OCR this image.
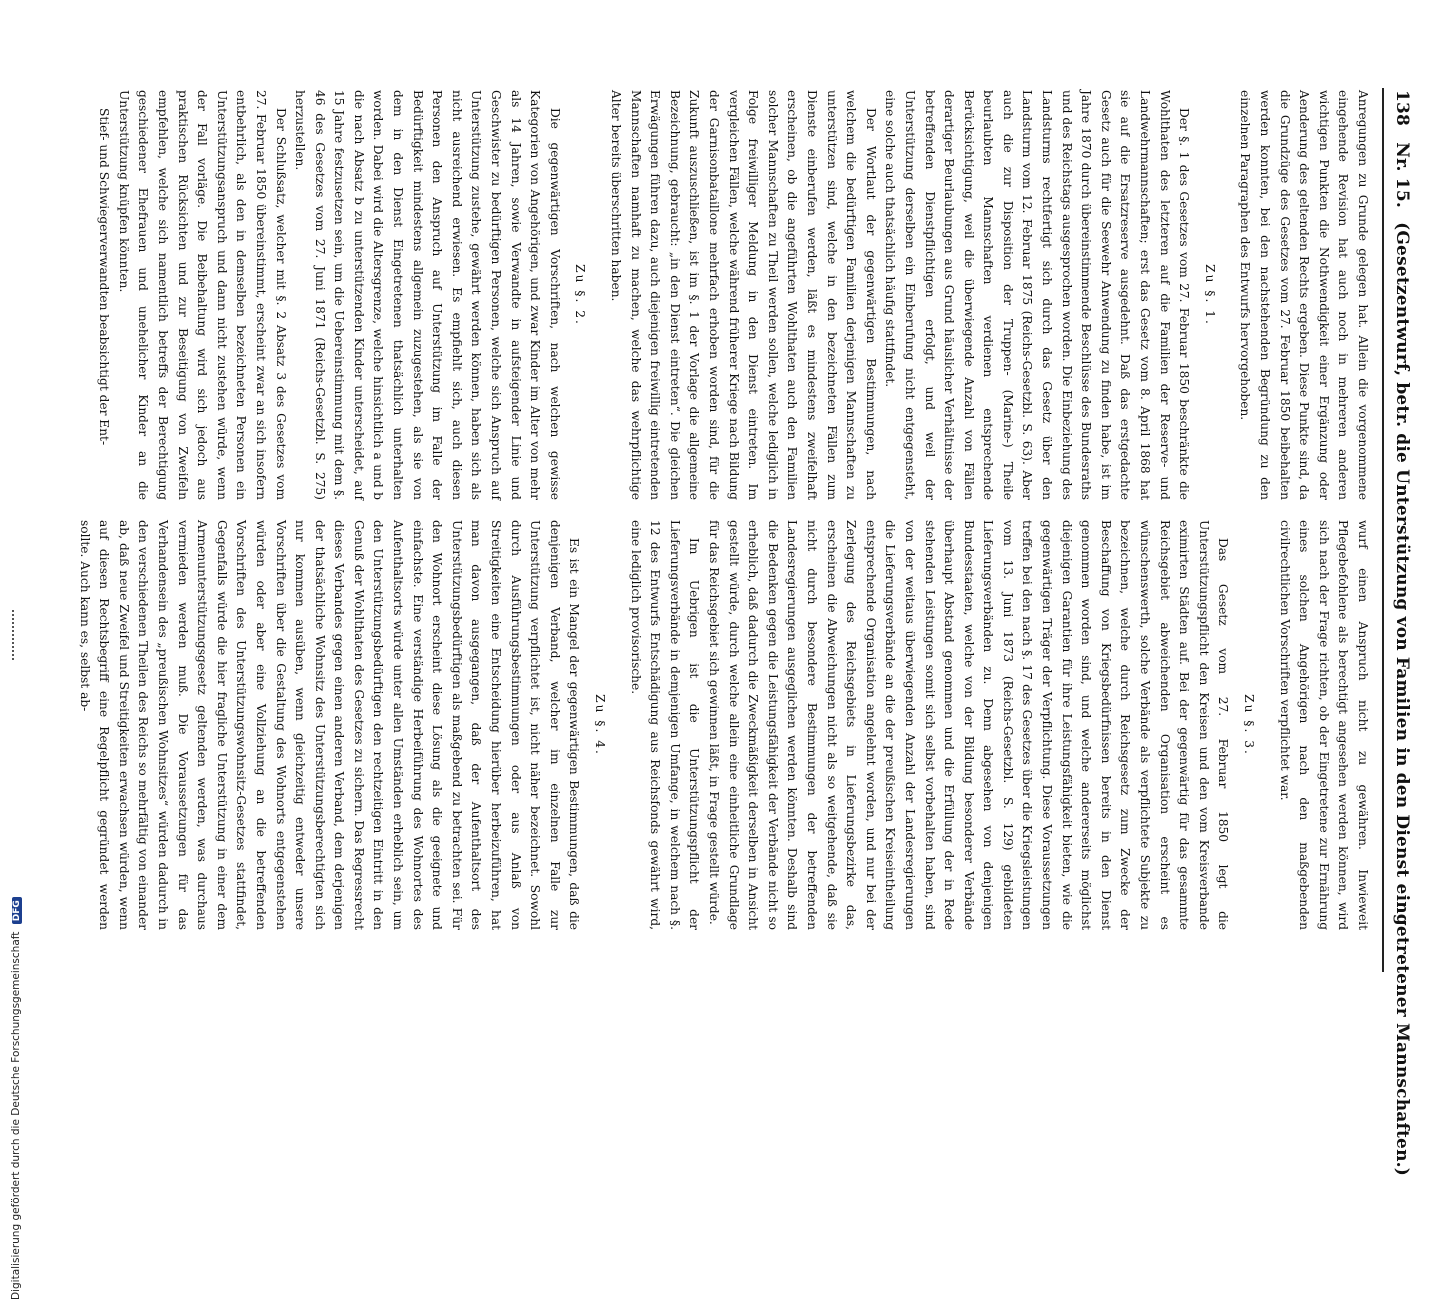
138 Nr. 15. (Gesetzentwurf, betr. die Unterstützung von Familien in den Dienst eingetretener Mannschaften.)

Anregungen zu Grunde gelegen hat. Allein die vorgenommene eingehende Revision hat auch noch in mehreren anderen wichtigen Punkten die Nothwendigkeit einer Ergänzung oder Aenderung des geltenden Rechts ergeben. Diese Punkte sind, da die Grundzüge des Gesetzes vom 27. Februar 1850 beibehalten werden konnten, bei den nachstehenden Begründung zu den einzelnen Paragraphen des Entwurfs hervorgehoben.

Zu §. 1.

Der §. 1 des Gesetzes vom 27. Februar 1850 beschränkte die Wohlthaten des letzteren auf die Familien der Reserve- und Landwehrmannschaften; erst das Gesetz vom 8. April 1868 hat sie auf die Ersatzreserve ausgedehnt. Daß das erstgedachte Gesetz auch für die Seewehr Anwendung zu finden habe, ist im Jahre 1870 durch übereinstimmende Beschlüsse des Bundesraths und des Reichstags ausgesprochen worden. Die Einbeziehung des Landsturms rechtfertigt sich durch das Gesetz über den Landsturm vom 12. Februar 1875 (Reichs-Gesetzbl. S. 63). Aber auch die zur Disposition der Truppen- (Marine-) Theile beurlaubten Mannschaften verdienen entsprechende Berücksichtigung, weil die überwiegende Anzahl von Fällen derartiger Beurlaubungen aus Grund häuslicher Verhältnisse der betreffenden Dienstpflichtigen erfolgt, und weil der Unterstützung derselben ein Einberufung nicht entgegensteht, eine solche auch thatsächlich häufig stattfindet.

Der Wortlaut der gegenwärtigen Bestimmungen, nach welchem die bedürftigen Familien derjenigen Mannschaften zu unterstützen sind, welche in den bezeichneten Fällen zum Dienste einberufen werden, läßt es mindestens zweifelhaft erscheinen, ob die angeführten Wohlthaten auch den Familien solcher Mannschaften zu Theil werden sollen, welche lediglich in Folge freiwilliger Meldung in den Dienst eintreten. Im vergleichen Fällen, welche während früherer Kriege nach Bildung der Garnisonbataillone mehrfach erhoben worden sind, für die Zukunft auszuschließen, ist im §. 1 der Vorlage die allgemeine Bezeichnung, gebraucht: „in den Dienst eintreten“. Die gleichen Erwägungen führen dazu, auch diejenigen freiwillig eintretenden Mannschaften namhaft zu machen, welche das wehrpflichtige Alter bereits überschritten haben.

Zu §. 2.

Die gegenwärtigen Vorschriften, nach welchen gewisse Kategorien von Angehörigen, und zwar Kinder im Alter von mehr als 14 Jahren, sowie Verwandte in aufsteigender Linie und Geschwister zu bedürftigen Personen, welche sich Anspruch auf Unterstützung zustehe, gewährt werden können, haben sich als nicht ausreichend erwiesen. Es empfiehlt sich, auch diesen Personen den Anspruch auf Unterstützung im Falle der Bedürftigkeit mindestens allgemein zuzugestehen, als sie von dem in den Dienst Eingetretenen thatsächlich unterhalten worden. Dabei wird die Altersgrenze, welche hinsichtlich a und b die nach Absatz b zu unterstützenden Kinder unterscheidet, auf 15 Jahre festzusetzen sein, um die Uebereinstimmung mit dem §. 46 des Gesetzes vom 27. Juni 1871 (Reichs-Gesetzbl. S. 275) herzustellen.

Der Schlußsatz, welcher mit §. 2 Absatz 3 des Gesetzes vom 27. Februar 1850 übereinstimmt, erscheint zwar an sich insofern entbehrlich, als den in demselben bezeichneten Personen ein Unterstützungsanspruch und dann nicht zustehen würde, wenn der Fall vorläge. Die Beibehaltung wird sich jedoch aus praktischen Rücksichten und zur Beseitigung von Zweifeln empfehlen, welche sich namentlich betreffs der Berechtigung geschiedener Ehefrauen und unehelicher Kinder an die Unterstützung knüpfen könnten.

Stief- und Schwiegerverwandten beabsichtigt der Ent-

wurf einen Anspruch nicht zu gewähren. Inwieweit Pflegebefohlene als berechtigt angesehen werden können, wird sich nach der Frage richten, ob der Eingetretene zur Ernährung eines solchen Angehörigen nach den maßgebenden civilrechtlichen Vorschriften verpflichtet war.

Zu §. 3.

Das Gesetz vom 27. Februar 1850 legt die Unterstützungspflicht den Kreisen und den vom Kreisverbande eximirten Städten auf. Bei der gegenwärtig für das gesammte Reichsgebiet abweichenden Organisation erscheint es wünschenswerth, solche Verbände als verpflichtete Subjekte zu bezeichnen, welche durch Reichsgesetz zum Zwecke der Beschaffung von Kriegsbedürfnissen bereits in den Dienst genommen worden sind, und welche andererseits möglichst diejenigen Garantien für ihre Leistungsfähigkeit bieten, wie die gegenwärtigen Träger der Verpflichtung. Diese Voraussetzungen treffen bei den nach §. 17 des Gesetzes über die Kriegsleistungen vom 13. Juni 1873 (Reichs-Gesetzbl. S. 129) gebildeten Lieferungsverbänden zu. Denn abgesehen von denjenigen Bundesstaaten, welche von der Bildung besonderer Verbände überhaupt Abstand genommen und die Erfüllung der in Rede stehenden Leistungen somit sich selbst vorbehalten haben, sind von der weitaus überwiegenden Anzahl der Landesregierungen die Lieferungsverbände an die der preußischen Kreiseintheilung entsprechende Organisation angelehnt worden, und nur bei der Zerlegung des Reichsgebiets in Lieferungsbezirke das, erscheinen die Abweichungen nicht als so weitgehende, daß sie nicht durch besondere Bestimmungen der betreffenden Landesregierungen ausgeglichen werden könnten. Deshalb sind die Bedenken gegen die Leistungsfähigkeit der Verbände nicht so erheblich, daß dadurch die Zweckmäßigkeit derselben in Ansicht gestellt würde, durch welche allein eine einheitliche Grundlage für das Reichsgebiet sich gewinnen läßt, in Frage gestellt würde.

Im Uebrigen ist die Unterstützungspflicht der Lieferungsverbände in demjenigen Umfange, in welchem nach §. 12 des Entwurfs Entschädigung aus Reichsfonds gewährt wird, eine lediglich provisorische.

Zu §. 4.

Es ist ein Mangel der gegenwärtigen Bestimmungen, daß die denjenigen Verband, welcher im einzelnen Falle zur Unterstützung verpflichtet ist, nicht näher bezeichnet. Sowohl durch Ausführungsbestimmungen oder aus Anlaß von Streitigkeiten eine Entscheidung hierüber herbeizuführen, hat man davon ausgegangen, daß der Aufenthaltsort des Unterstützungsbedürftigen als maßgebend zu betrachten sei. Für den Wohnort erscheint diese Lösung als die geeignete und einfachste. Eine verständige Herbeiführung des Wohnortes des Aufenthaltsorts würde unter allen Umständen erheblich sein, um den Unterstützungsbedürftigen den rechtzeitigen Eintritt in den Genuß der Wohlthaten des Gesetzes zu sichern. Das Regressrecht dieses Verbandes gegen einen anderen Verband, dem derjenigen der thatsächliche Wohnsitz des Unterstützungsberechtigten sich nur kommen ausüben, wenn gleichzeitig entweder unsere Vorschriften über die Gestaltung des Wohnorts entgegenstehen würden oder aber eine Vollziehung an die betreffenden Vorschriften des Unterstützungswohnsitz-Gesetzes stattfindet, Gegenfalls würde die hier fragliche Unterstützung in einer dem Armenunterstützungsgesetz geltenden werden, was durchaus vermieden werden muß. Die Voraussetzungen für das Verhandensein des „preußischen Wohnsitzes“ würden dadurch in den verschiedenen Theilen des Reichs so mehrfältig von einander ab, daß neue Zweifel und Streitigkeiten erwachsen würden, wenn auf diesen Rechtsbegriff eine Regelpflicht gegründet werden sollte. Auch kann es, selbst ab-

Digitalisierung gefördert durch die Deutsche Forschungsgemeinschaft DFG
